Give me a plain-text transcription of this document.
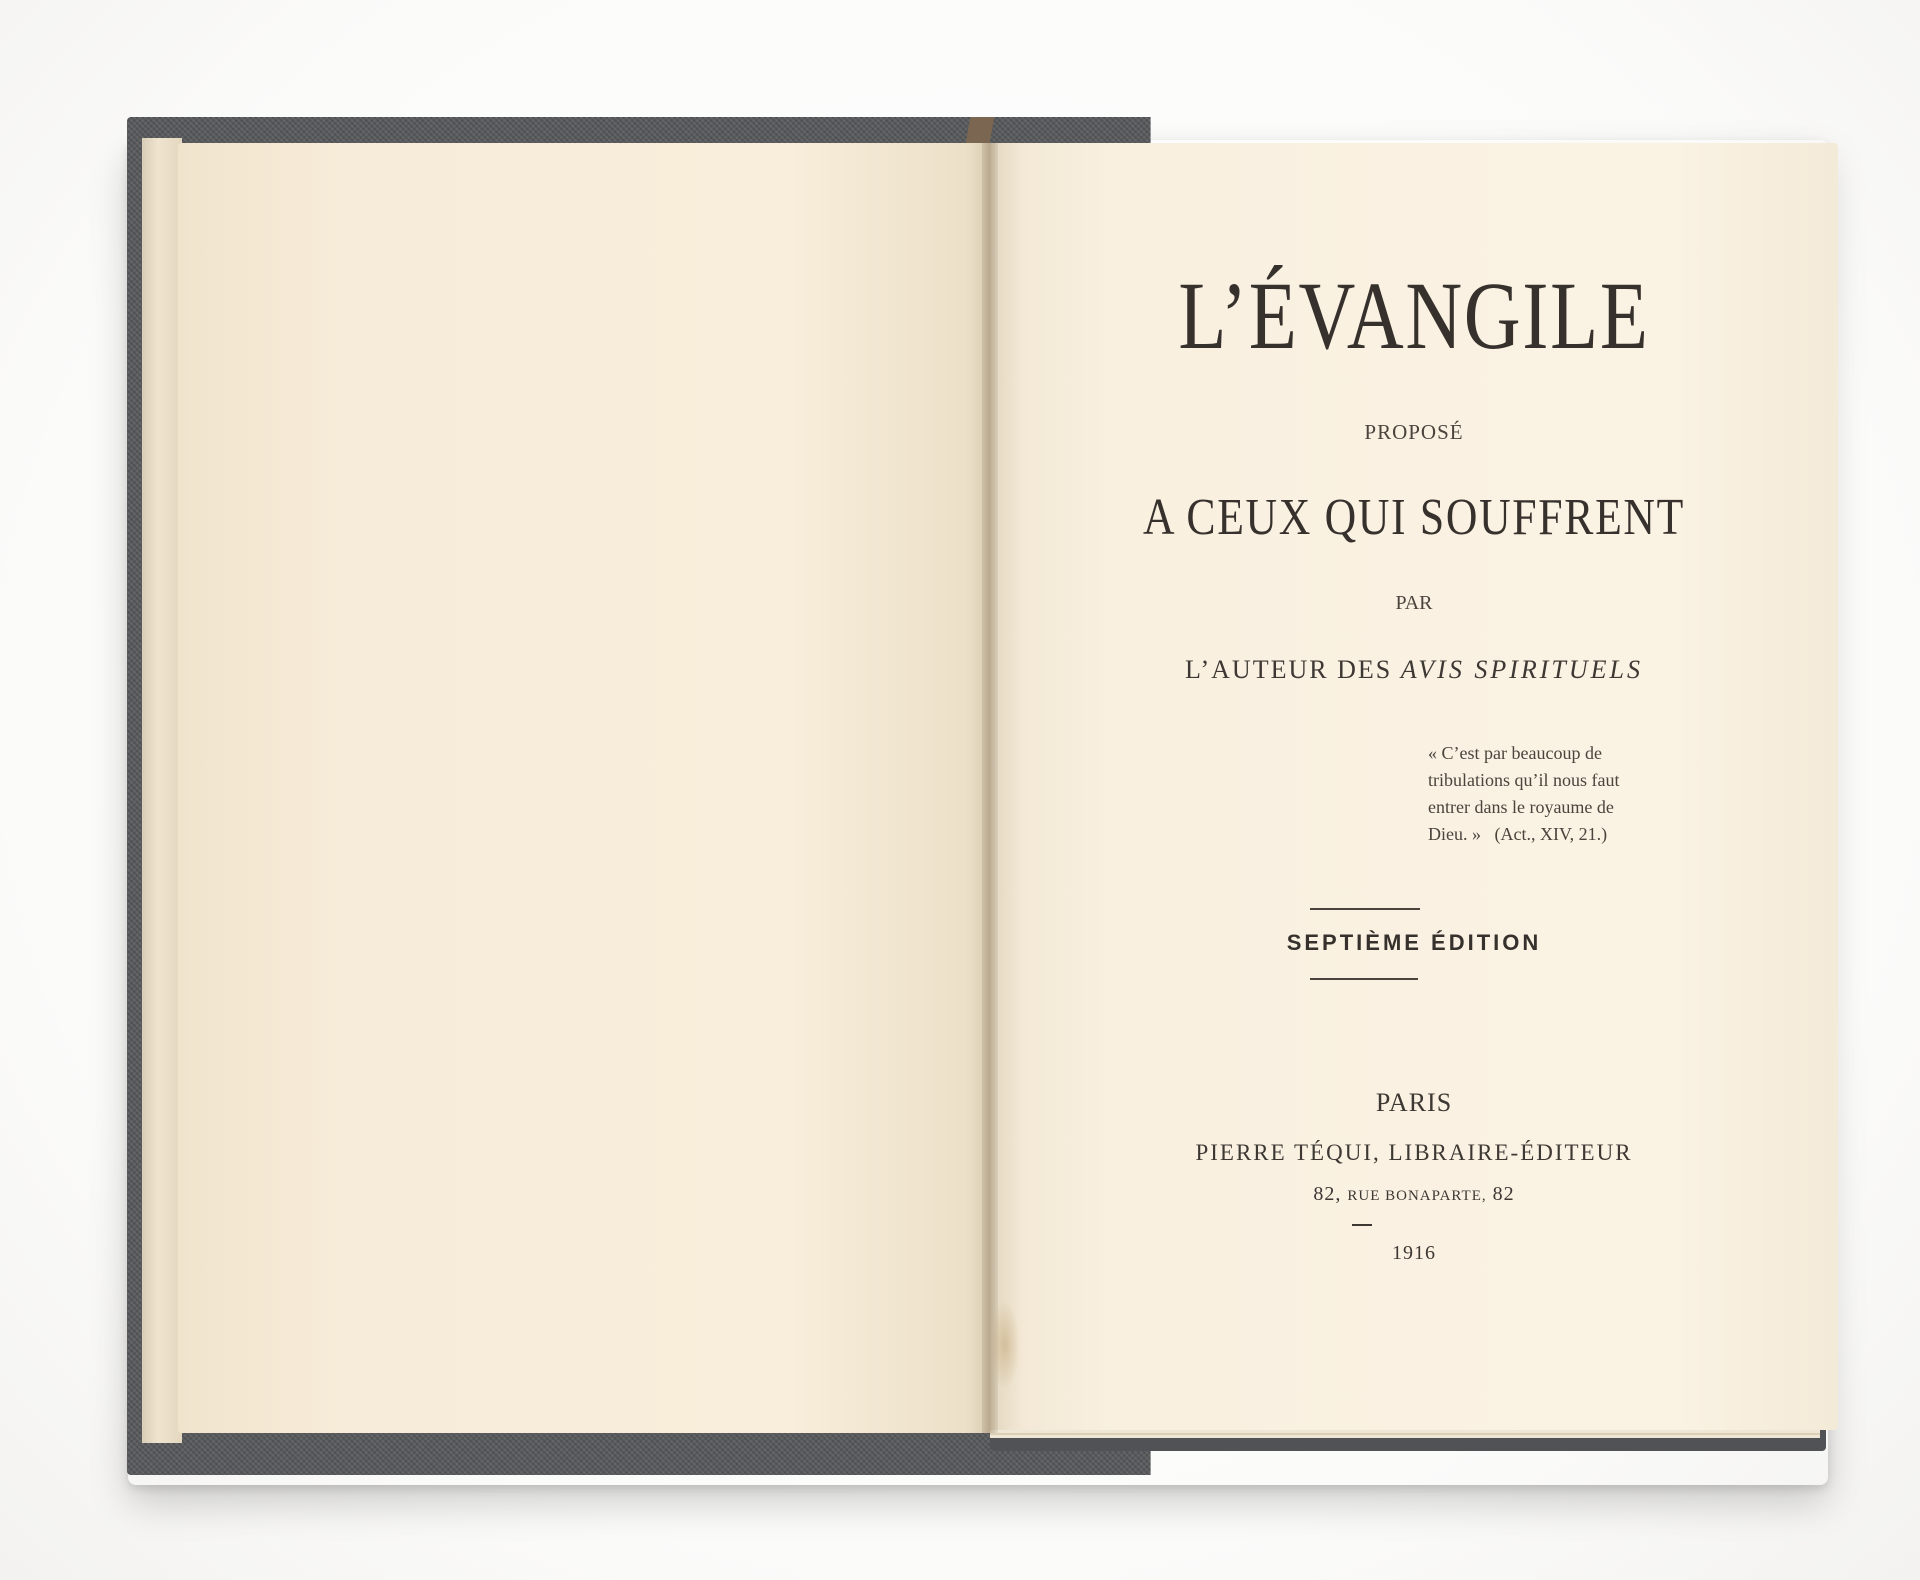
L’ÉVANGILE
PROPOSÉ
A CEUX QUI SOUFFRENT
PAR
L’AUTEUR DES AVIS SPIRITUELS

« C’est par beaucoup de

tribulations qu’il nous faut

entrer dans le royaume de

Dieu. » (Act., XIV, 21.)

SEPTIÈME ÉDITION
PARIS
PIERRE TÉQUI, LIBRAIRE-ÉDITEUR
82, RUE BONAPARTE, 82
1916
